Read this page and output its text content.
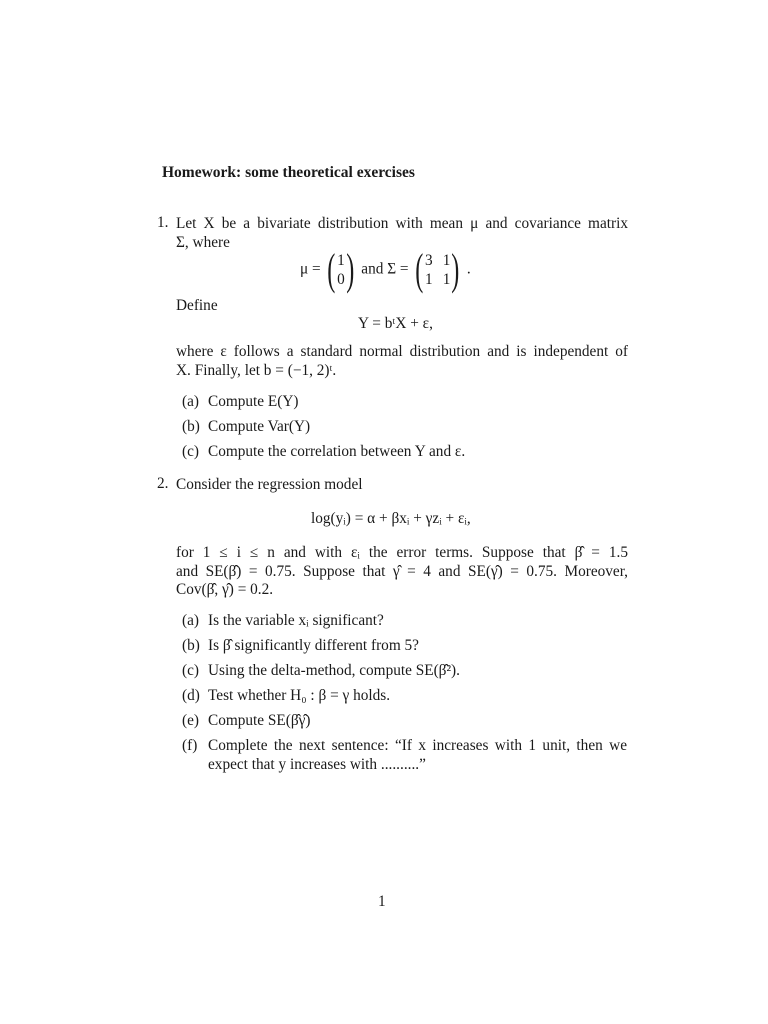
Homework: some theoretical exercises
1. Let X be a bivariate distribution with mean μ and covariance matrix
Σ, where
μ = ( 1
0 ) and Σ = ( 3 1
1 1 ) .
Define
Y = bᵗX + ε,
where ε follows a standard normal distribution and is independent of
X. Finally, let b = (−1, 2)ᵗ.
(a) Compute E(Y)
(b) Compute Var(Y)
(c) Compute the correlation between Y and ε.
2. Consider the regression model
log(yᵢ) = α + βxᵢ + γzᵢ + εᵢ,
for 1 ≤ i ≤ n and with εᵢ the error terms. Suppose that β̂ = 1.5
and SE(β̂) = 0.75. Suppose that γ̂ = 4 and SE(γ̂) = 0.75. Moreover,
Cov(β̂, γ̂) = 0.2.
(a) Is the variable xᵢ significant?
(b) Is β̂ significantly different from 5?
(c) Using the delta-method, compute SE(β̂²).
(d) Test whether H₀ : β = γ holds.
(e) Compute SE(β̂γ̂)
(f) Complete the next sentence: “If x increases with 1 unit, then we
expect that y increases with ..........”
1
